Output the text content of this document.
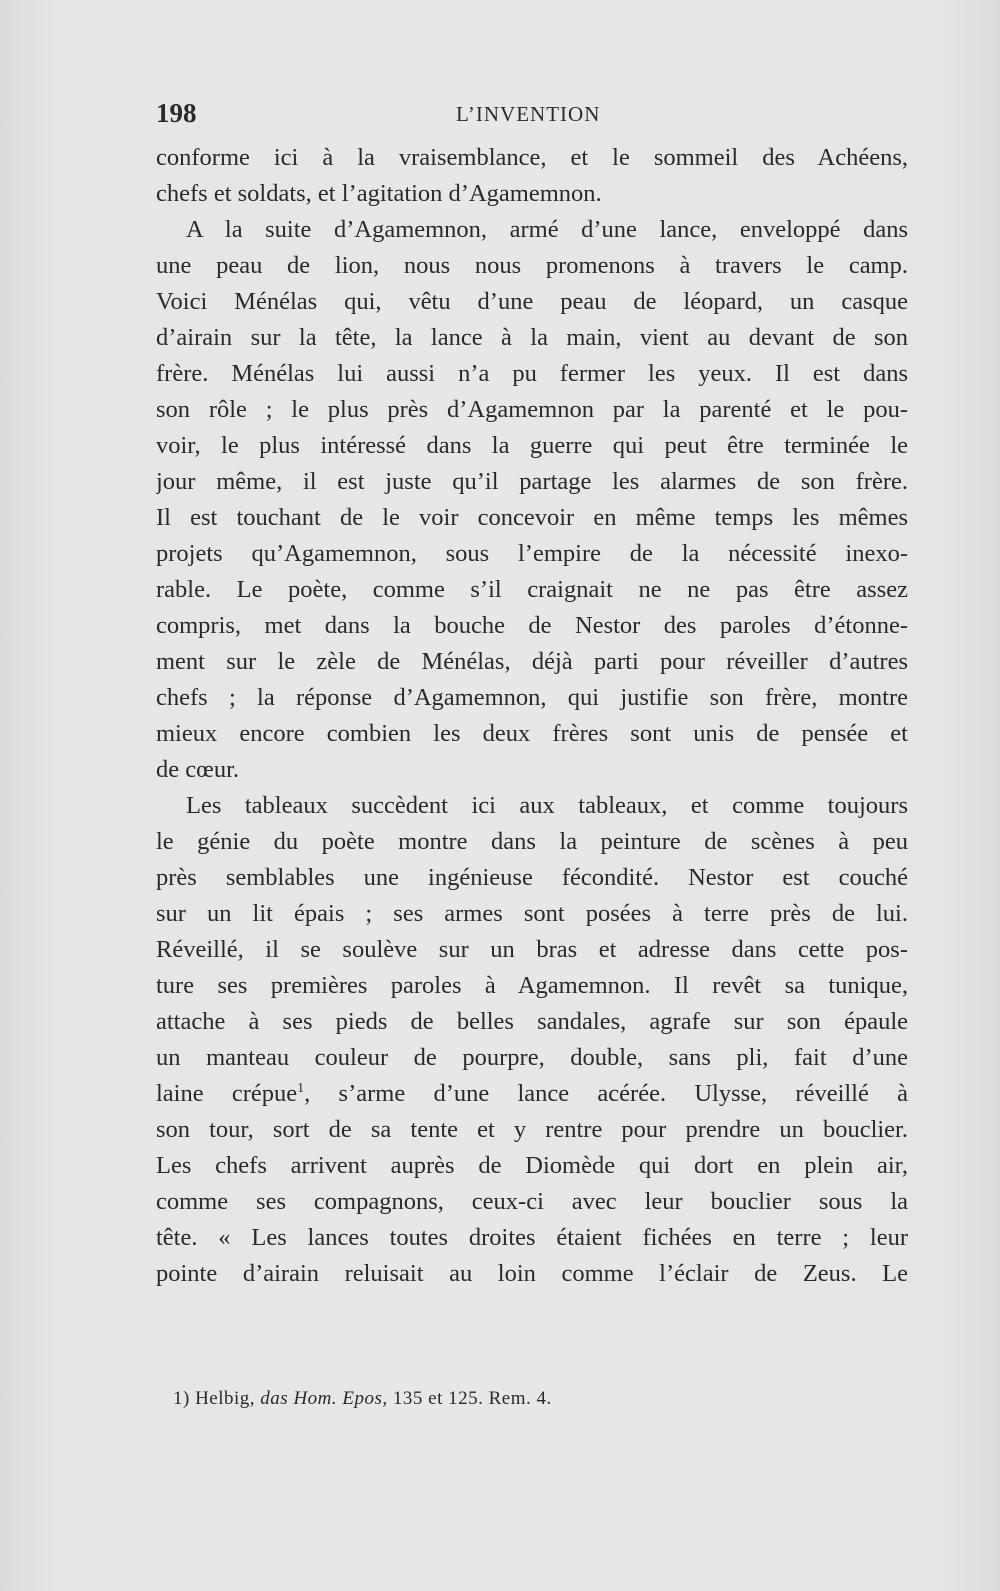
198	L’INVENTION
conforme ici à la vraisemblance, et le sommeil des Achéens,
chefs et soldats, et l’agitation d’Agamemnon.
A la suite d’Agamemnon, armé d’une lance, enveloppé dans
une peau de lion, nous nous promenons à travers le camp.
Voici Ménélas qui, vêtu d’une peau de léopard, un casque
d’airain sur la tête, la lance à la main, vient au devant de son
frère. Ménélas lui aussi n’a pu fermer les yeux. Il est dans
son rôle ; le plus près d’Agamemnon par la parenté et le pou-
voir, le plus intéressé dans la guerre qui peut être terminée le
jour même, il est juste qu’il partage les alarmes de son frère.
Il est touchant de le voir concevoir en même temps les mêmes
projets qu’Agamemnon, sous l’empire de la nécessité inexo-
rable. Le poète, comme s’il craignait ne ne pas être assez
compris, met dans la bouche de Nestor des paroles d’étonne-
ment sur le zèle de Ménélas, déjà parti pour réveiller d’autres
chefs ; la réponse d’Agamemnon, qui justifie son frère, montre
mieux encore combien les deux frères sont unis de pensée et
de cœur.
Les tableaux succèdent ici aux tableaux, et comme toujours
le génie du poète montre dans la peinture de scènes à peu
près semblables une ingénieuse fécondité. Nestor est couché
sur un lit épais ; ses armes sont posées à terre près de lui.
Réveillé, il se soulève sur un bras et adresse dans cette pos-
ture ses premières paroles à Agamemnon. Il revêt sa tunique,
attache à ses pieds de belles sandales, agrafe sur son épaule
un manteau couleur de pourpre, double, sans pli, fait d’une
laine crépue$^1$, s’arme d’une lance acérée. Ulysse, réveillé à
son tour, sort de sa tente et y rentre pour prendre un bouclier.
Les chefs arrivent auprès de Diomède qui dort en plein air,
comme ses compagnons, ceux-ci avec leur bouclier sous la
tête. « Les lances toutes droites étaient fichées en terre ; leur
pointe d’airain reluisait au loin comme l’éclair de Zeus. Le
1) Helbig, das Hom. Epos, 135 et 125. Rem. 4.
